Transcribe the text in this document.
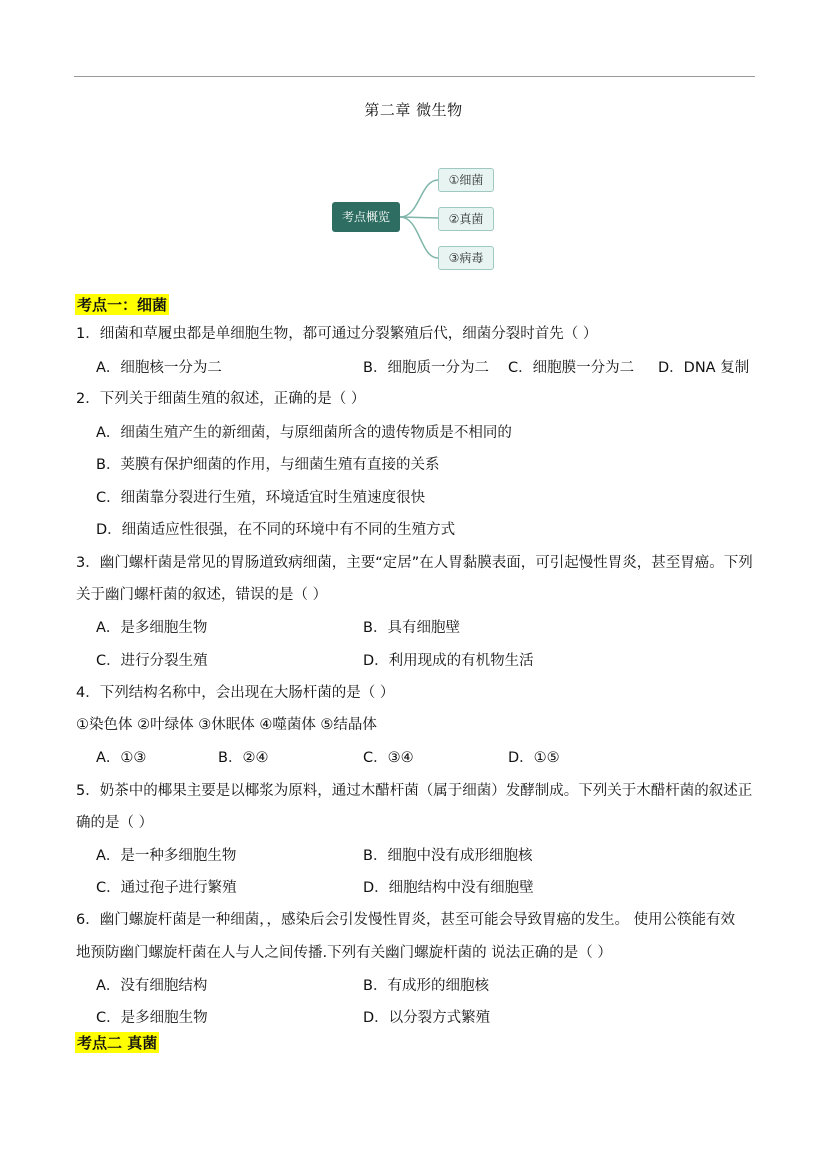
第二章 微生物
考点概览
①细菌
②真菌
③病毒
考点一：细菌
1．细菌和草履虫都是单细胞生物，都可通过分裂繁殖后代，细菌分裂时首先（ ）
A．细胞核一分为二	B．细胞质一分为二 C．细胞膜一分为二 D．DNA 复制
2．下列关于细菌生殖的叙述，正确的是（ ）
A．细菌生殖产生的新细菌，与原细菌所含的遗传物质是不相同的
B．荚膜有保护细菌的作用，与细菌生殖有直接的关系
C．细菌靠分裂进行生殖，环境适宜时生殖速度很快
D．细菌适应性很强，在不同的环境中有不同的生殖方式
3．幽门螺杆菌是常见的胃肠道致病细菌，主要“定居”在人胃黏膜表面，可引起慢性胃炎，甚至胃癌。下列
关于幽门螺杆菌的叙述，错误的是（ ）
A．是多细胞生物	B．具有细胞壁
C．进行分裂生殖	D．利用现成的有机物生活
4．下列结构名称中，会出现在大肠杆菌的是（ ）
①染色体 ②叶绿体 ③休眠体 ④噬菌体 ⑤结晶体
A．①③	B．②④	C．③④	D．①⑤
5．奶茶中的椰果主要是以椰浆为原料，通过木醋杆菌（属于细菌）发酵制成。下列关于木醋杆菌的叙述正
确的是（ ）
A．是一种多细胞生物	B．细胞中没有成形细胞核
C．通过孢子进行繁殖	D．细胞结构中没有细胞壁
6．幽门螺旋杆菌是一种细菌，，感染后会引发慢性胃炎，甚至可能会导致胃癌的发生。 使用公筷能有效
地预防幽门螺旋杆菌在人与人之间传播.下列有关幽门螺旋杆菌的 说法正确的是（ ）
A．没有细胞结构	B．有成形的细胞核
C．是多细胞生物	D．以分裂方式繁殖
考点二 真菌
